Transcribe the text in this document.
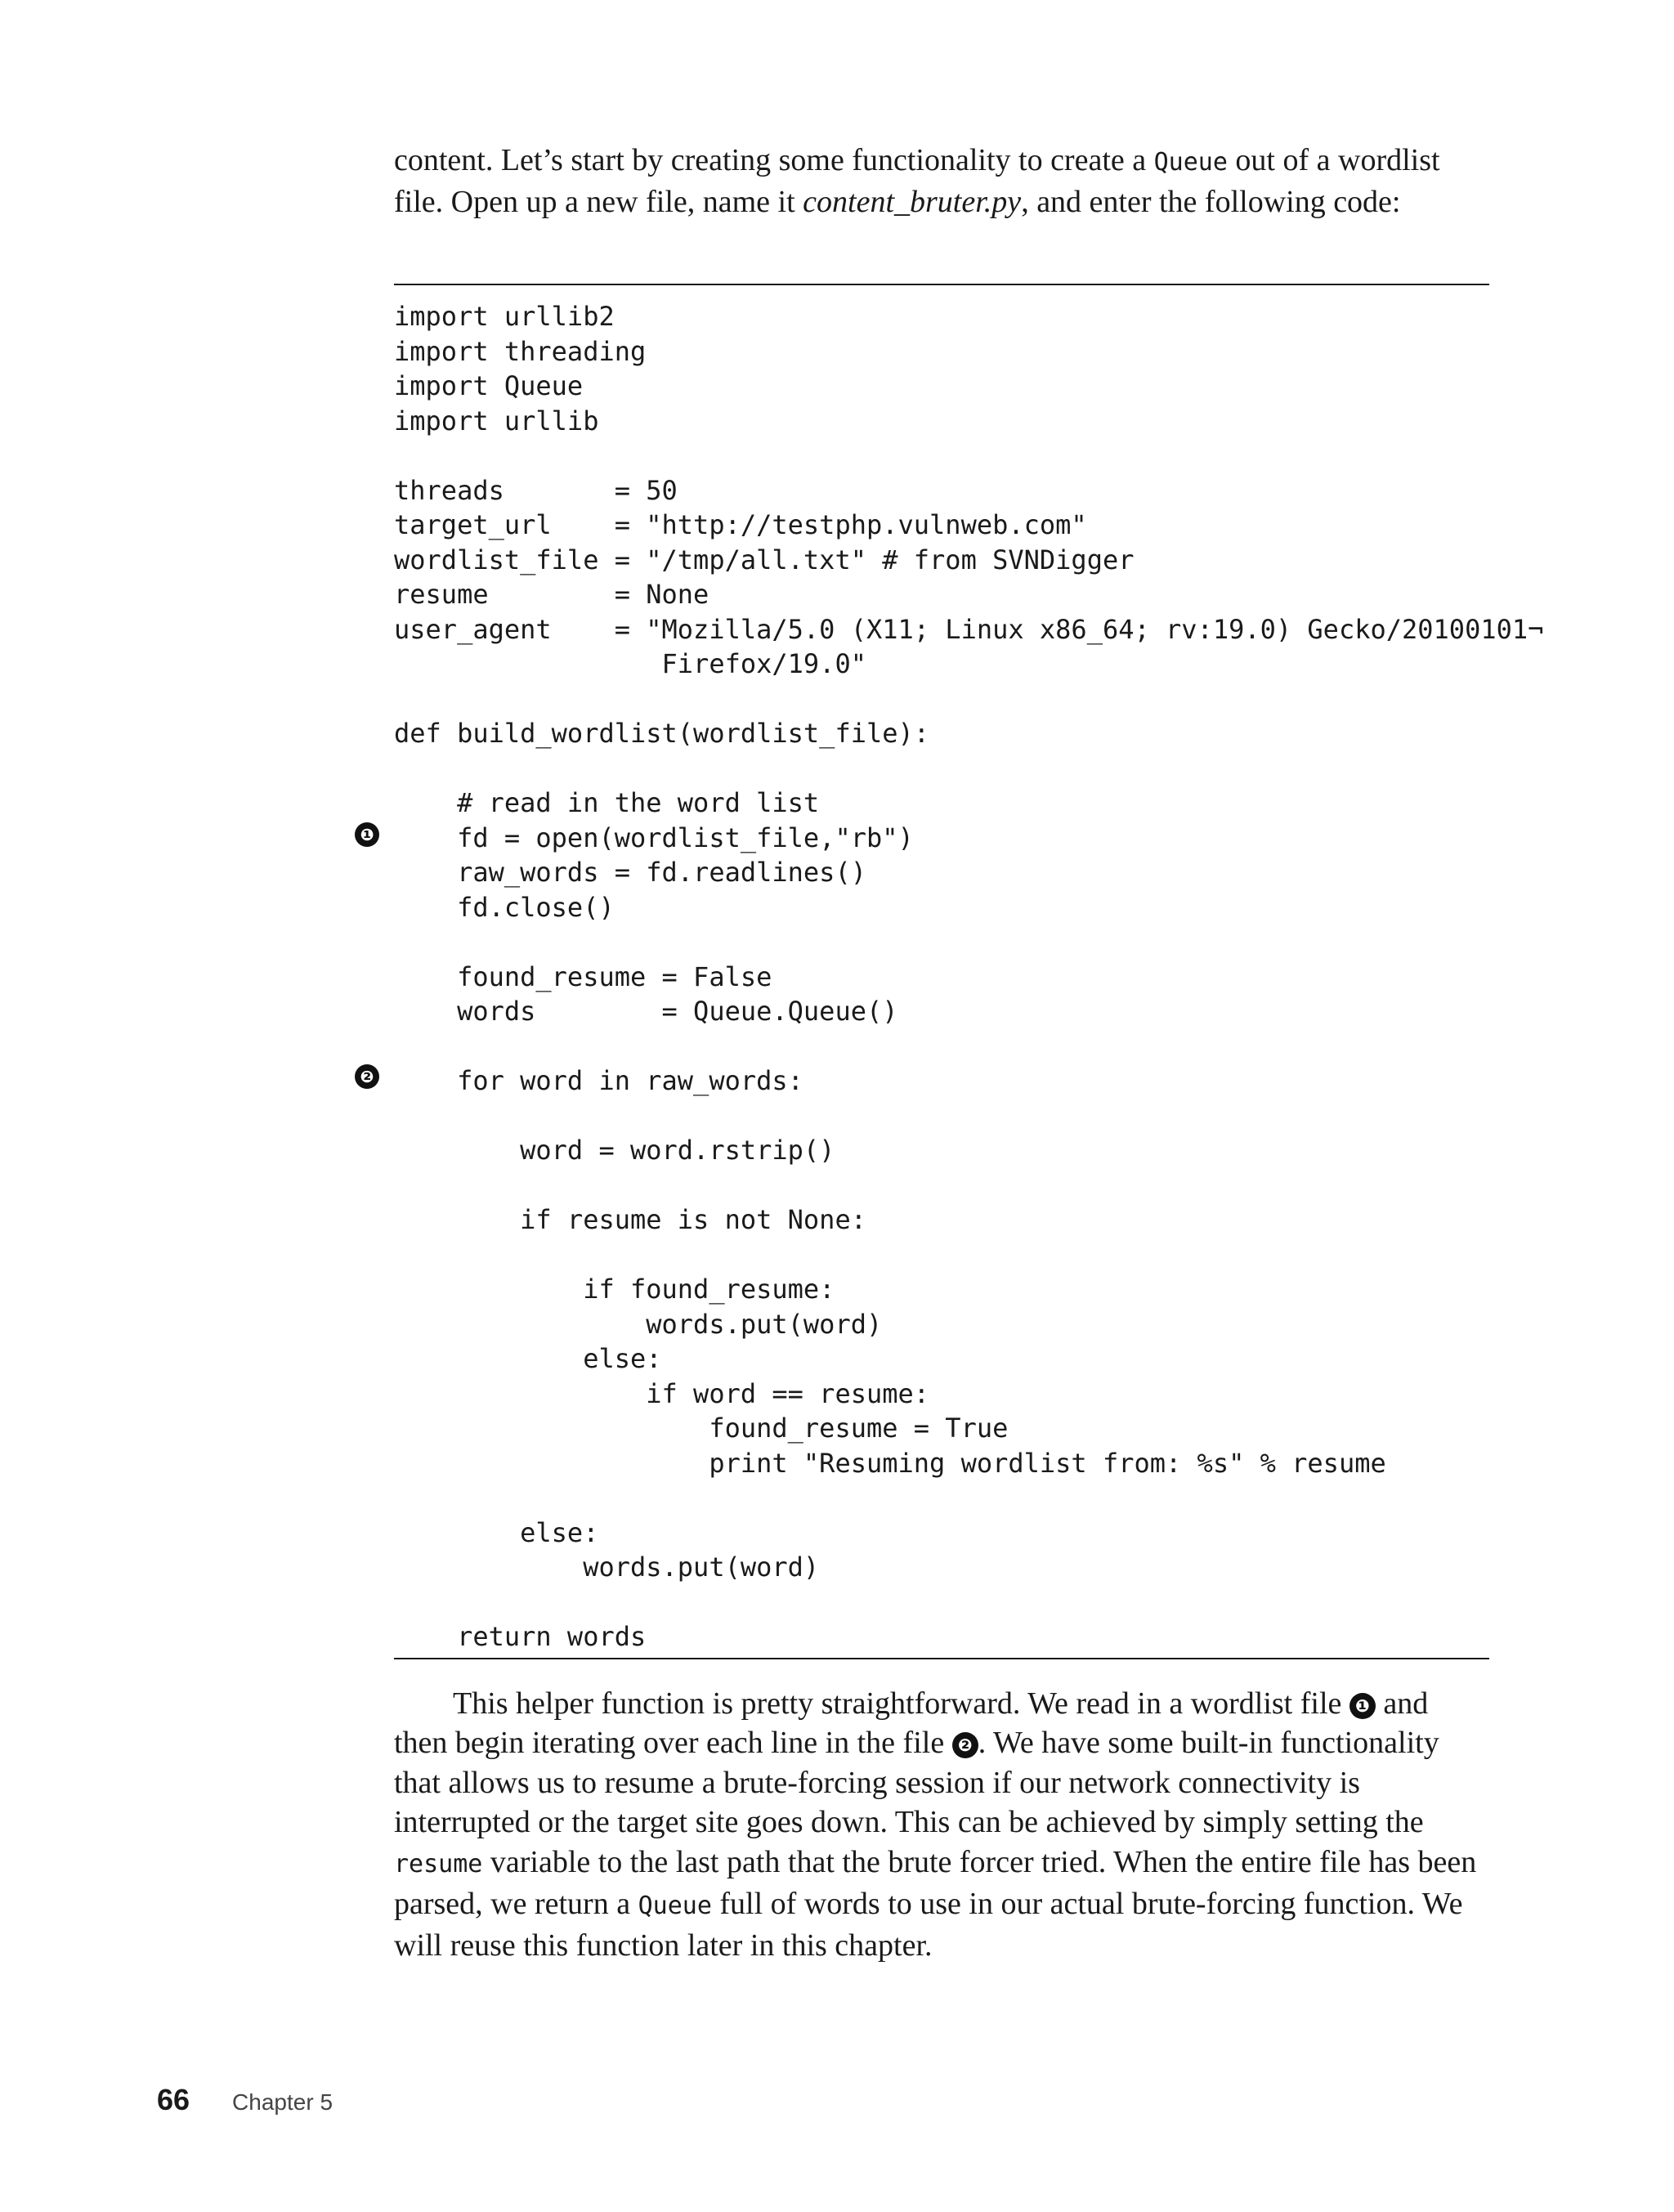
content. Let’s start by creating some functionality to create a Queue out of a wordlist file. Open up a new file, name it content_bruter.py, and enter the following code:

import urllib2
import threading
import Queue
import urllib

threads       = 50
target_url    = "http://testphp.vulnweb.com"
wordlist_file = "/tmp/all.txt" # from SVNDigger
resume        = None
user_agent    = "Mozilla/5.0 (X11; Linux x86_64; rv:19.0) Gecko/20100101¬
Firefox/19.0"

def build_wordlist(wordlist_file):

# read in the word list
fd = open(wordlist_file,"rb")
raw_words = fd.readlines()
fd.close()

found_resume = False
words        = Queue.Queue()

for word in raw_words:

word = word.rstrip()

if resume is not None:

if found_resume:
words.put(word)
else:
if word == resume:
found_resume = True
print "Resuming wordlist from: %s" % resume

else:
words.put(word)

return words
❶
❷

This helper function is pretty straightforward. We read in a wordlist file ❶ and then begin iterating over each line in the file ❷ . We have some built-in functionality that allows us to resume a brute-forcing session if our network connectivity is interrupted or the target site goes down. This can be achieved by simply setting the resume variable to the last path that the brute forcer tried. When the entire file has been parsed, we return a Queue full of words to use in our actual brute-forcing function. We will reuse this function later in this chapter.

66 Chapter 5
